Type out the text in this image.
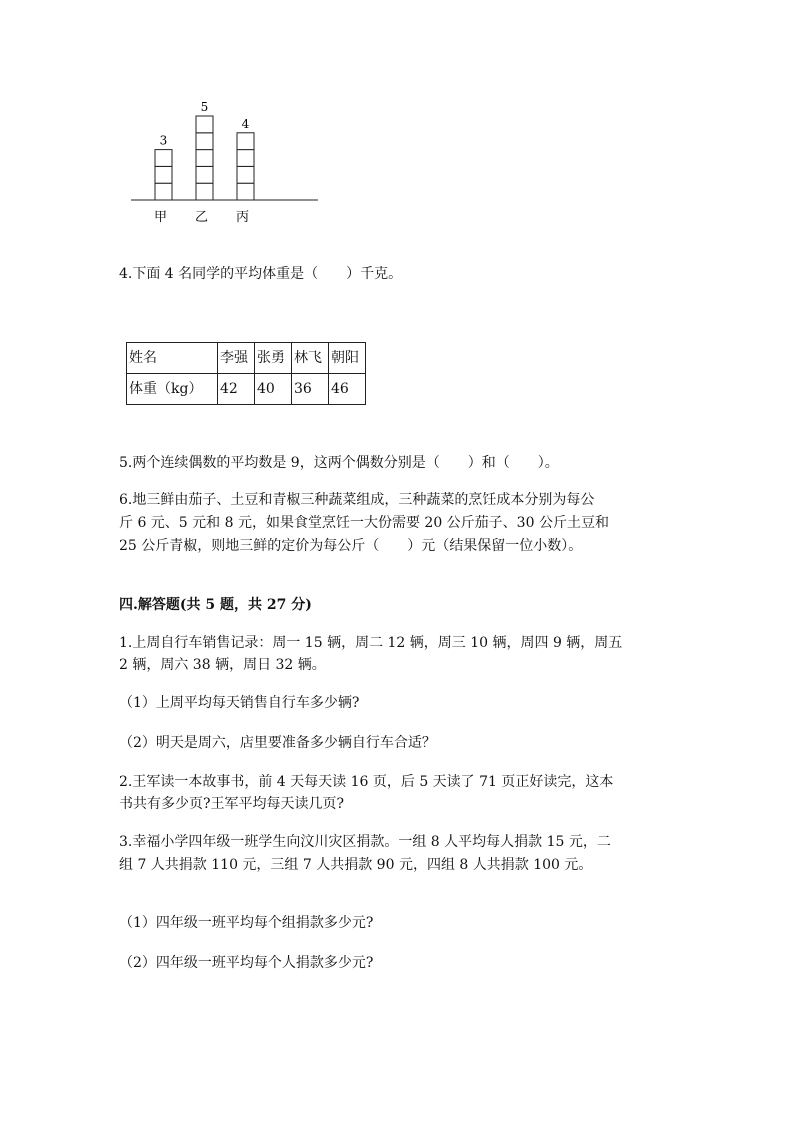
3
甲
5
乙
4
丙
4.下面 4 名同学的平均体重是（　　）千克。
姓名	李强	张勇	林飞	朝阳
体重（kg）	42	40	36	46
5.两个连续偶数的平均数是 9，这两个偶数分别是（　　）和（　　）。
6.地三鲜由茄子、土豆和青椒三种蔬菜组成，三种蔬菜的烹饪成本分别为每公
斤 6 元、5 元和 8 元，如果食堂烹饪一大份需要 20 公斤茄子、30 公斤土豆和
25 公斤青椒，则地三鲜的定价为每公斤（　　）元（结果保留一位小数）。
四.解答题(共 5 题，共 27 分)
1.上周自行车销售记录：周一 15 辆，周二 12 辆，周三 10 辆，周四 9 辆，周五
2 辆，周六 38 辆，周日 32 辆。
（1）上周平均每天销售自行车多少辆?
（2）明天是周六，店里要准备多少辆自行车合适？
2.王军读一本故事书，前 4 天每天读 16 页，后 5 天读了 71 页正好读完，这本
书共有多少页?王军平均每天读几页?
3.幸福小学四年级一班学生向汶川灾区捐款。一组 8 人平均每人捐款 15 元，二
组 7 人共捐款 110 元，三组 7 人共捐款 90 元，四组 8 人共捐款 100 元。
（1）四年级一班平均每个组捐款多少元?
（2）四年级一班平均每个人捐款多少元?
